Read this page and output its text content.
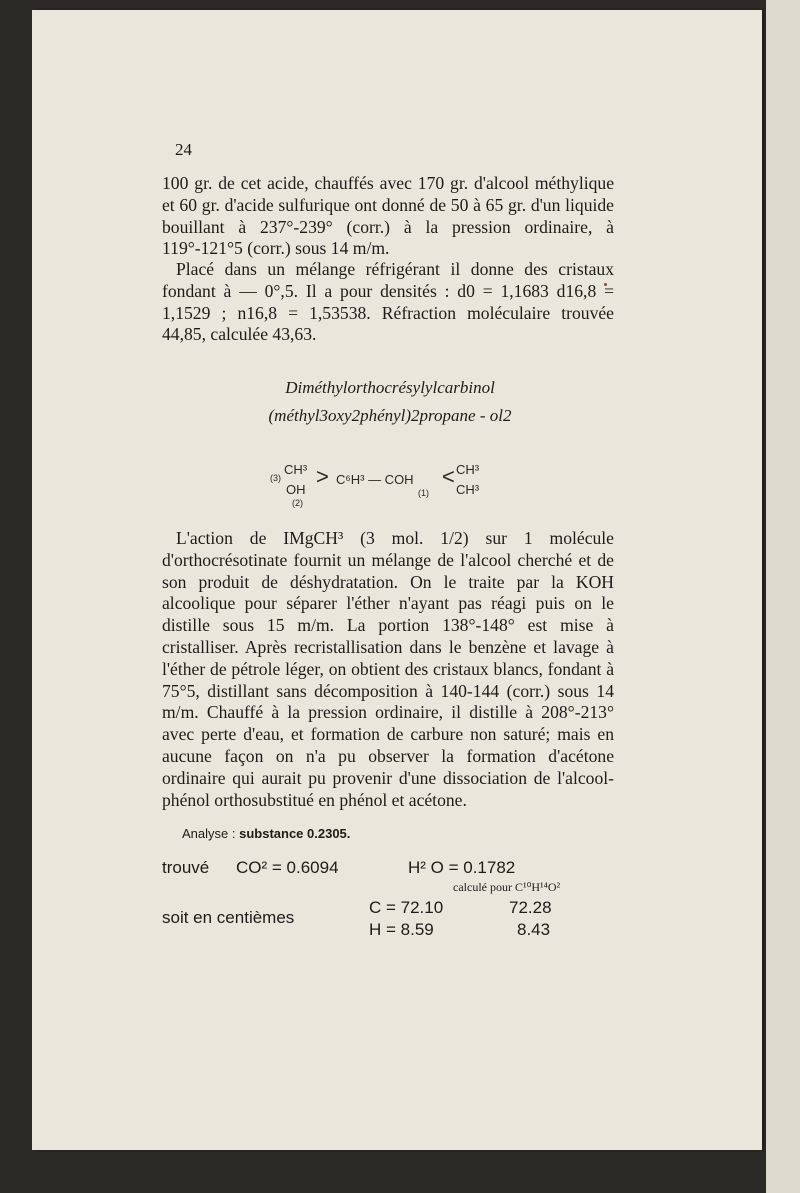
24

100 gr. de cet acide, chauffés avec 170 gr. d'alcool méthylique et 60 gr. d'acide sulfurique ont donné de 50 à 65 gr. d'un liquide bouillant à 237°-239° (corr.) à la pression ordinaire, à 119°-121°5 (corr.) sous 14 m/m.

Placé dans un mélange réfrigérant il donne des cristaux fondant à — 0°,5. Il a pour densités : d0 = 1,1683 d16,8 = 1,1529 ; n16,8 = 1,53538. Réfraction moléculaire trouvée 44,85, calculée 43,63.

Diméthylorthocrésylylcarbinol
(méthyl3oxy2phényl)2propane - ol2
(3)
CH³
OH
(2)
> C⁶H³ — COH
(1)
< CH³
CH³

L'action de IMgCH³ (3 mol. 1/2) sur 1 molécule d'orthocrésotinate fournit un mélange de l'alcool cherché et de son produit de déshydratation. On le traite par la KOH alcoolique pour séparer l'éther n'ayant pas réagi puis on le distille sous 15 m/m. La portion 138°-148° est mise à cristalliser. Après recristallisation dans le benzène et lavage à l'éther de pétrole léger, on obtient des cristaux blancs, fondant à 75°5, distillant sans décomposition à 140-144 (corr.) sous 14 m/m. Chauffé à la pression ordinaire, il distille à 208°-213° avec perte d'eau, et formation de carbure non saturé; mais en aucune façon on n'a pu observer la formation d'acétone ordinaire qui aurait pu provenir d'une dissociation de l'alcool-phénol orthosubstitué en phénol et acétone.

Analyse : substance 0.2305.
trouvé CO² = 0.6094	H² O = 0.1782
calculé pour C¹⁰H¹⁴O²
soit en centièmes
C = 72.10	72.28
H = 8.59	8.43
